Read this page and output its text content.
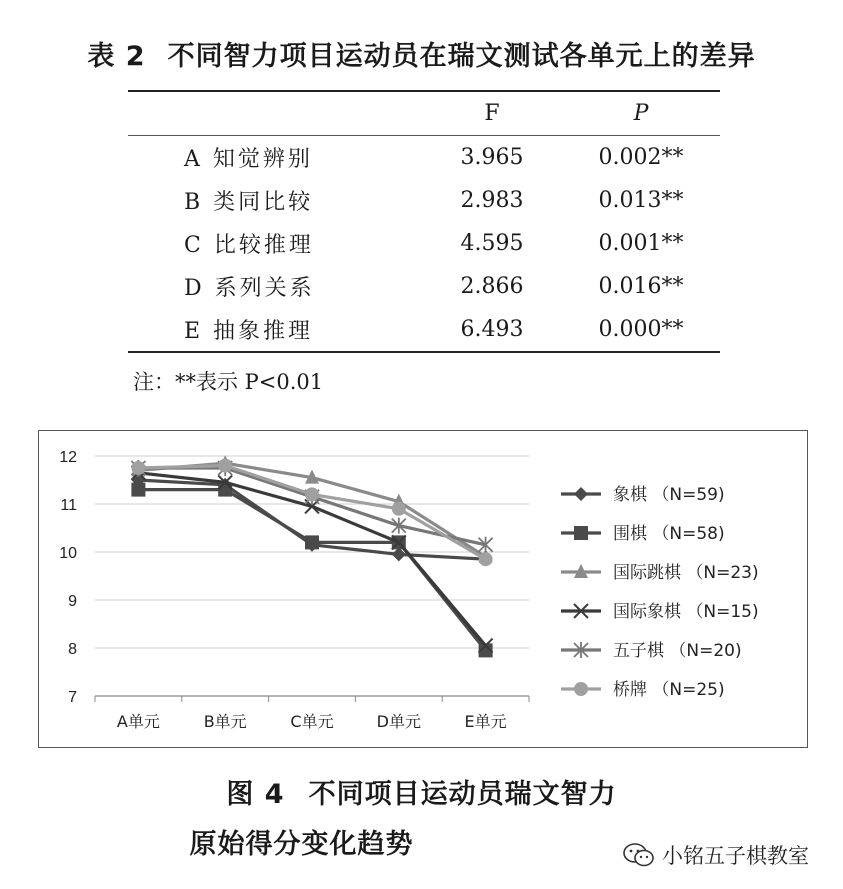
表 2 不同智力项目运动员在瑞文测试各单元上的差异
	F	P
A 知觉辨别	3.965	0.002**
B 类同比较	2.983	0.013**
C 比较推理	4.595	0.001**
D 系列关系	2.866	0.016**
E 抽象推理	6.493	0.000**
注：**表示 P<0.01
7
8
9
10
11
12
A单元	B单元	C单元	D单元	E单元
象棋 （N=59)
围棋 （N=58)
国际跳棋 （N=23)
国际象棋 （N=15)
五子棋 （N=20)
桥牌 （N=25)
图 4 不同项目运动员瑞文智力
原始得分变化趋势	小铭五子棋教室
